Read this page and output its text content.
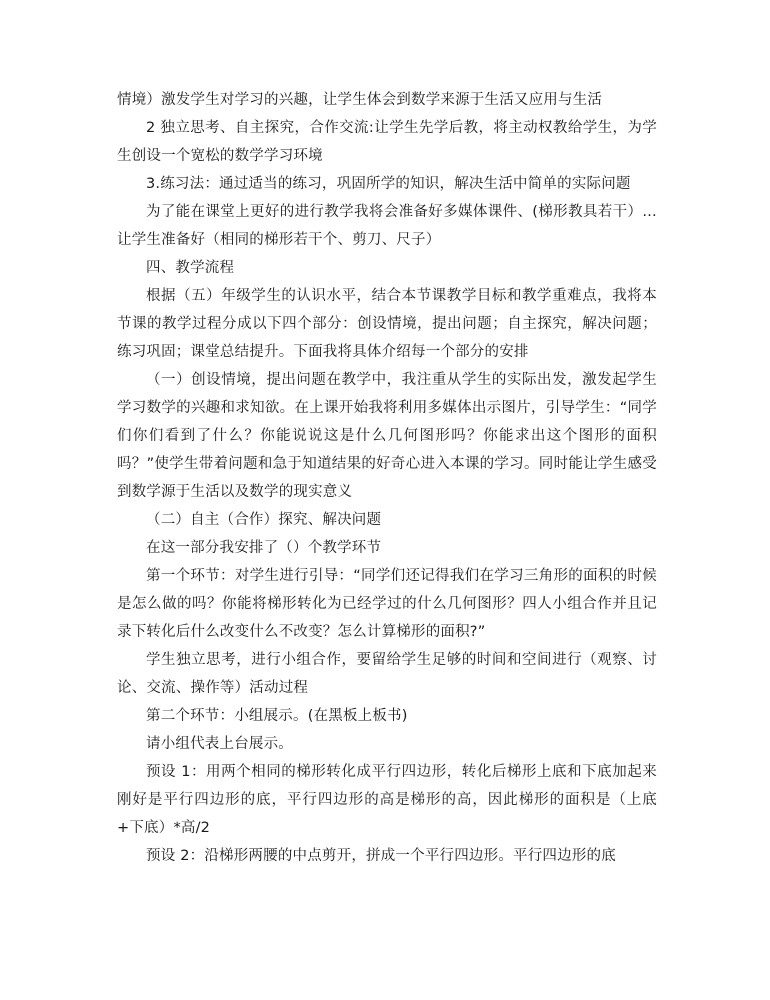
情境）激发学生对学习的兴趣，让学生体会到数学来源于生活又应用与生活

2 独立思考、自主探究，合作交流:让学生先学后教，将主动权教给学生，为学生创设一个宽松的数学学习环境

3.练习法：通过适当的练习，巩固所学的知识，解决生活中简单的实际问题

为了能在课堂上更好的进行教学我将会准备好多媒体课件、(梯形教具若干）…让学生准备好（相同的梯形若干个、剪刀、尺子）

四、教学流程

根据（五）年级学生的认识水平，结合本节课教学目标和教学重难点，我将本节课的教学过程分成以下四个部分：创设情境，提出问题；自主探究，解决问题；练习巩固；课堂总结提升。下面我将具体介绍每一个部分的安排

（一）创设情境，提出问题在教学中，我注重从学生的实际出发，激发起学生学习数学的兴趣和求知欲。在上课开始我将利用多媒体出示图片，引导学生：“同学们你们看到了什么？你能说说这是什么几何图形吗？你能求出这个图形的面积吗？”使学生带着问题和急于知道结果的好奇心进入本课的学习。同时能让学生感受到数学源于生活以及数学的现实意义

（二）自主（合作）探究、解决问题

在这一部分我安排了（）个教学环节

第一个环节：对学生进行引导：“同学们还记得我们在学习三角形的面积的时候是怎么做的吗？你能将梯形转化为已经学过的什么几何图形？四人小组合作并且记录下转化后什么改变什么不改变？怎么计算梯形的面积?”

学生独立思考，进行小组合作，要留给学生足够的时间和空间进行（观察、讨论、交流、操作等）活动过程

第二个环节：小组展示。(在黑板上板书)

请小组代表上台展示。

预设 1：用两个相同的梯形转化成平行四边形，转化后梯形上底和下底加起来刚好是平行四边形的底，平行四边形的高是梯形的高，因此梯形的面积是（上底+下底）*高/2

预设 2：沿梯形两腰的中点剪开，拼成一个平行四边形。平行四边形的底
